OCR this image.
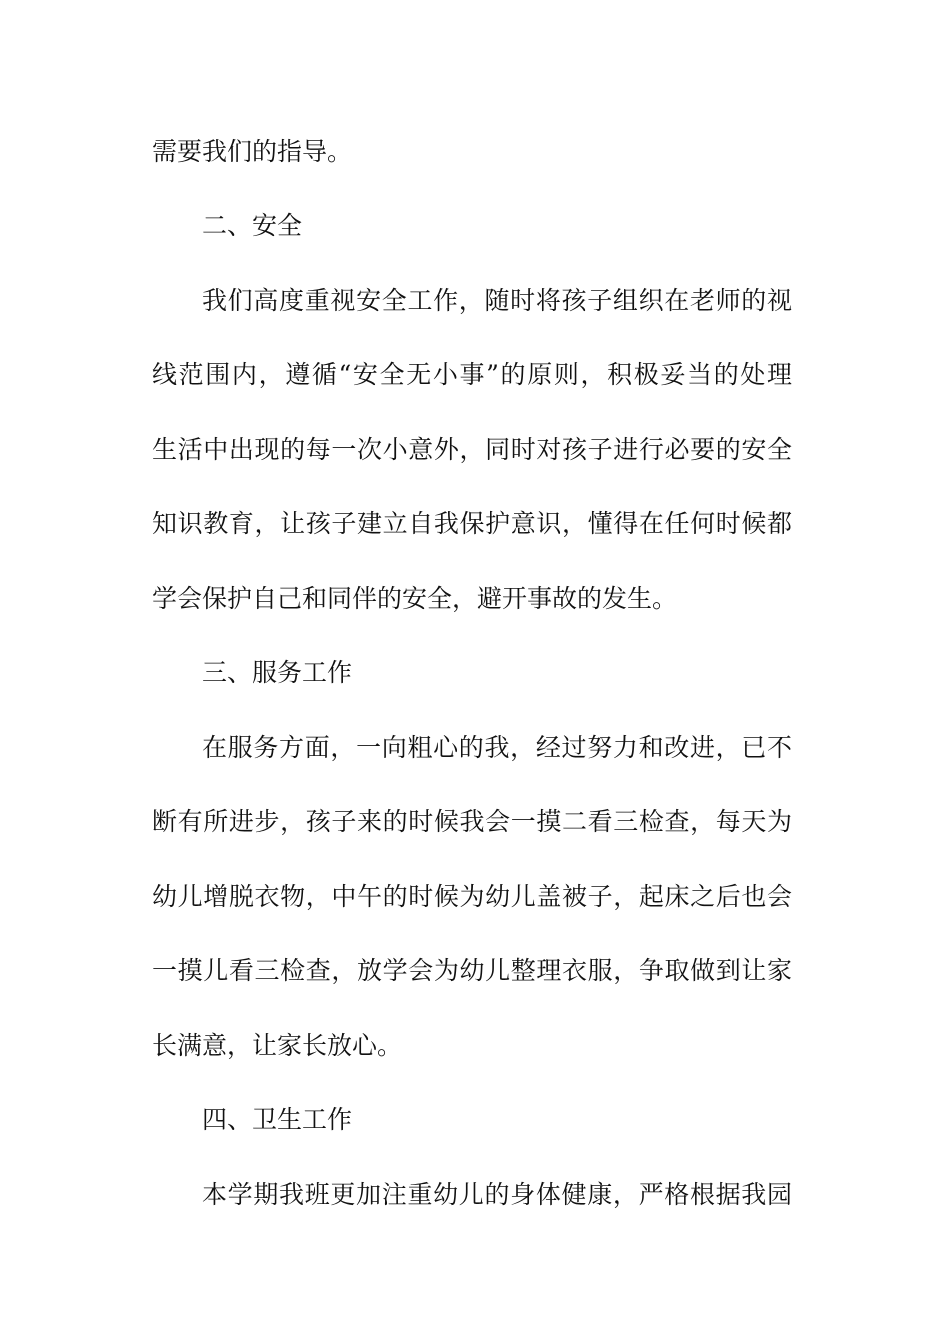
需要我们的指导。
二、安全
我们高度重视安全工作，随时将孩子组织在老师的视
线范围内，遵循“安全无小事”的原则，积极妥当的处理
生活中出现的每一次小意外，同时对孩子进行必要的安全
知识教育，让孩子建立自我保护意识，懂得在任何时候都
学会保护自己和同伴的安全，避开事故的发生。
三、服务工作
在服务方面，一向粗心的我，经过努力和改进，已不
断有所进步，孩子来的时候我会一摸二看三检查，每天为
幼儿增脱衣物，中午的时候为幼儿盖被子，起床之后也会
一摸儿看三检查，放学会为幼儿整理衣服，争取做到让家
长满意，让家长放心。
四、卫生工作
本学期我班更加注重幼儿的身体健康，严格根据我园
